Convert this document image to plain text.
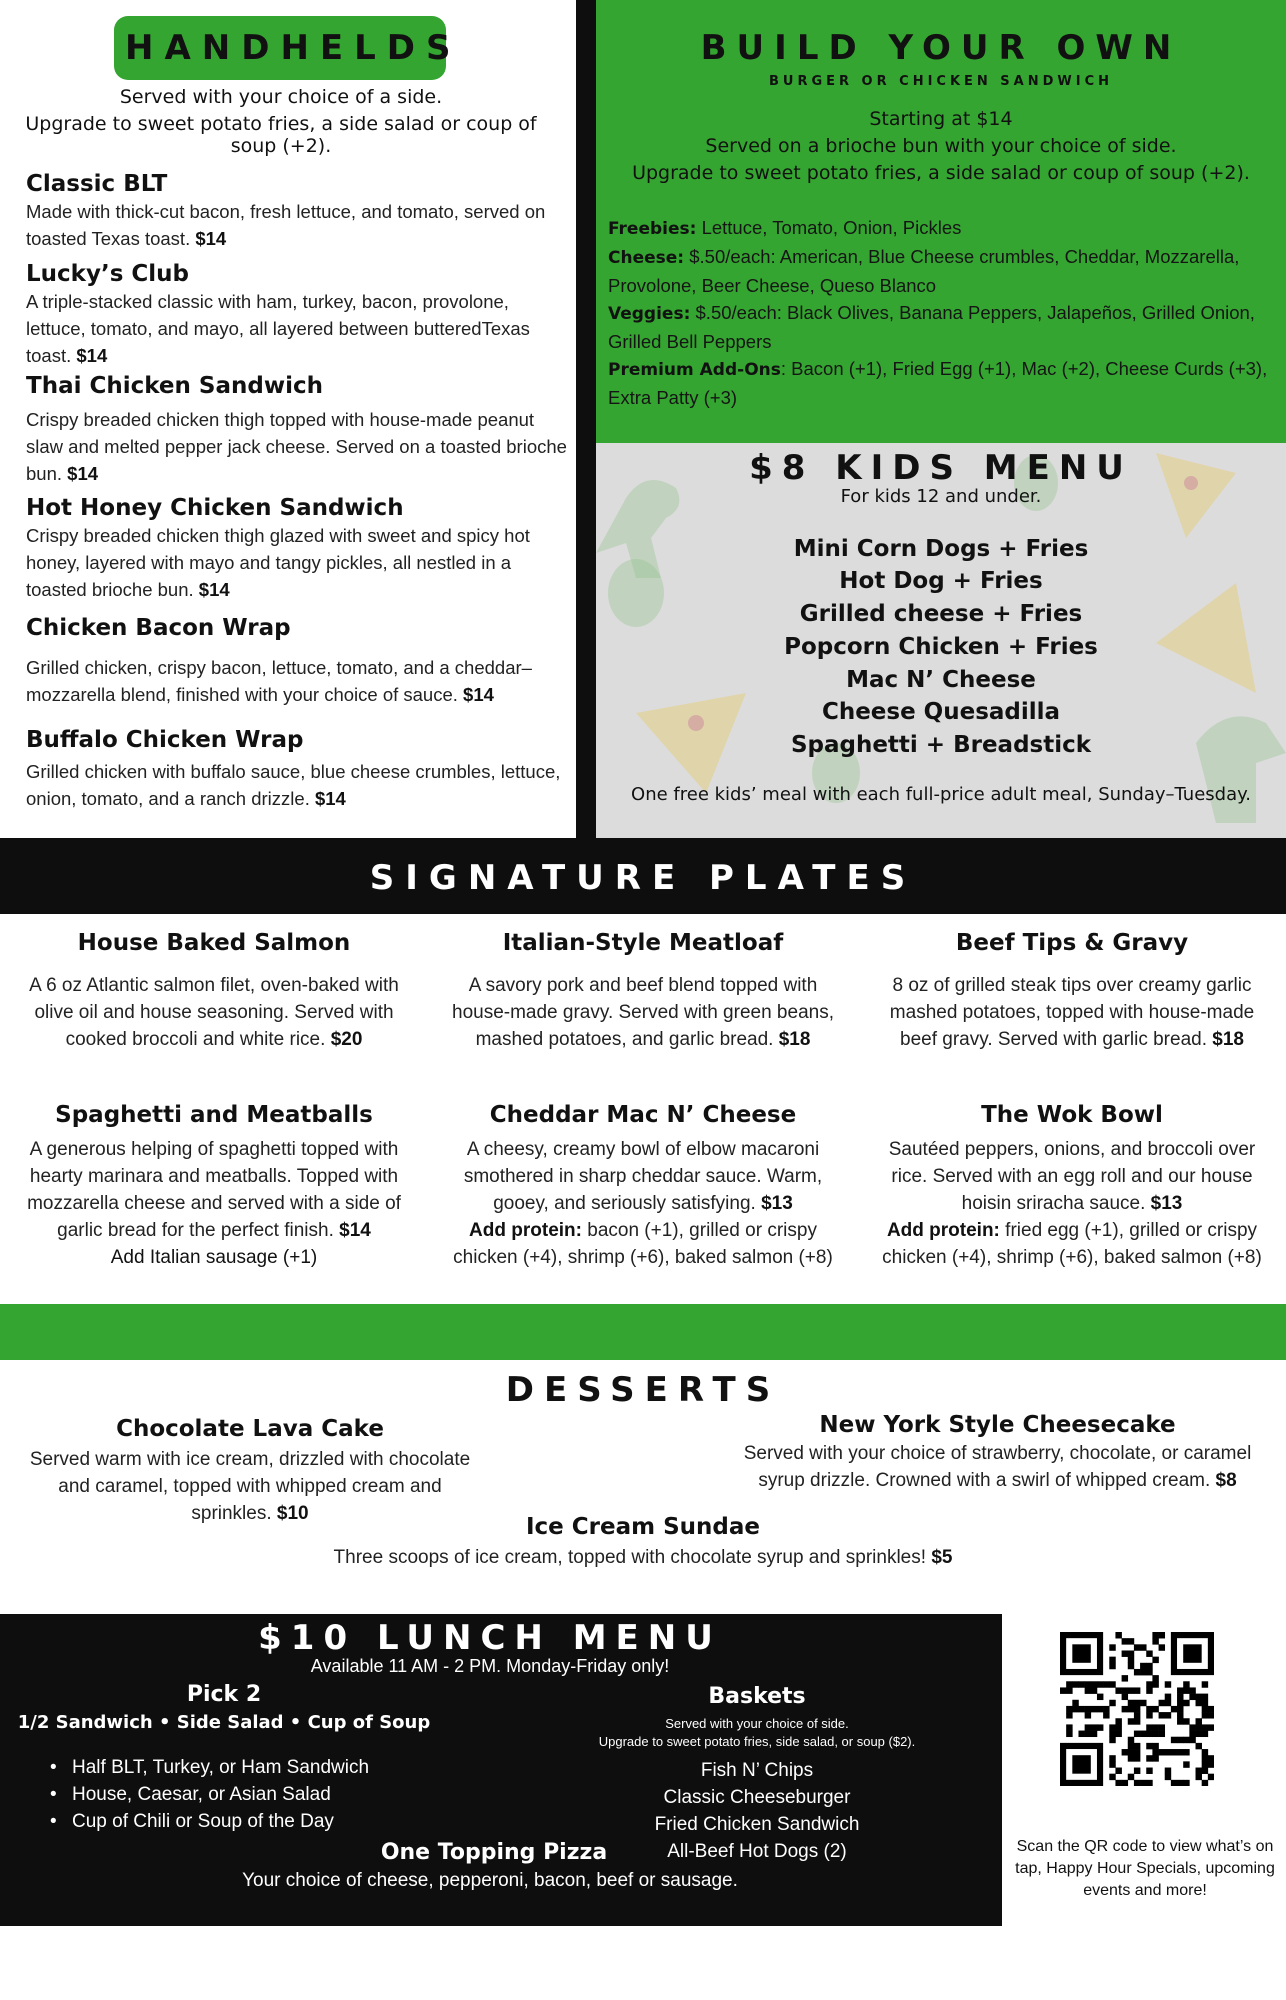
HANDHELDS
Served with your choice of a side.
Upgrade to sweet potato fries, a side salad or coup of soup (+2).
Classic BLT
Made with thick-cut bacon, fresh lettuce, and tomato, served on toasted Texas toast. $14
Lucky’s Club
A triple-stacked classic with ham, turkey, bacon, provolone, lettuce, tomato, and mayo, all layered between butteredTexas toast. $14
Thai Chicken Sandwich
Crispy breaded chicken thigh topped with house-made peanut slaw and melted pepper jack cheese. Served on a toasted brioche bun. $14
Hot Honey Chicken Sandwich
Crispy breaded chicken thigh glazed with sweet and spicy hot honey, layered with mayo and tangy pickles, all nestled in a toasted brioche bun. $14
Chicken Bacon Wrap
Grilled chicken, crispy bacon, lettuce, tomato, and a cheddar–mozzarella blend, finished with your choice of sauce. $14
Buffalo Chicken Wrap
Grilled chicken with buffalo sauce, blue cheese crumbles, lettuce, onion, tomato, and a ranch drizzle. $14
BUILD YOUR OWN
BURGER OR CHICKEN SANDWICH
Starting at $14
Served on a brioche bun with your choice of side.
Upgrade to sweet potato fries, a side salad or coup of soup (+2).
Freebies: Lettuce, Tomato, Onion, Pickles
Cheese: $.50/each: American, Blue Cheese crumbles, Cheddar, Mozzarella, Provolone, Beer Cheese, Queso Blanco
Veggies: $.50/each: Black Olives, Banana Peppers, Jalapeños, Grilled Onion, Grilled Bell Peppers
Premium Add-Ons: Bacon (+1), Fried Egg (+1), Mac (+2), Cheese Curds (+3), Extra Patty (+3)
$8 KIDS MENU
For kids 12 and under.
Mini Corn Dogs + Fries
Hot Dog + Fries
Grilled cheese + Fries
Popcorn Chicken + Fries
Mac N’ Cheese
Cheese Quesadilla
Spaghetti + Breadstick
One free kids’ meal with each full-price adult meal, Sunday–Tuesday.
SIGNATURE PLATES
House Baked Salmon
A 6 oz Atlantic salmon filet, oven-baked with olive oil and house seasoning. Served with cooked broccoli and white rice. $20
Italian-Style Meatloaf
A savory pork and beef blend topped with house-made gravy. Served with green beans, mashed potatoes, and garlic bread. $18
Beef Tips & Gravy
8 oz of grilled steak tips over creamy garlic mashed potatoes, topped with house-made beef gravy. Served with garlic bread. $18
Spaghetti and Meatballs
A generous helping of spaghetti topped with hearty marinara and meatballs. Topped with mozzarella cheese and served with a side of garlic bread for the perfect finish. $14
Add Italian sausage (+1)
Cheddar Mac N’ Cheese
A cheesy, creamy bowl of elbow macaroni smothered in sharp cheddar sauce. Warm, gooey, and seriously satisfying. $13
Add protein: bacon (+1), grilled or crispy chicken (+4), shrimp (+6), baked salmon (+8)
The Wok Bowl
Sautéed peppers, onions, and broccoli over rice. Served with an egg roll and our house hoisin sriracha sauce. $13
Add protein: fried egg (+1), grilled or crispy chicken (+4), shrimp (+6), baked salmon (+8)
DESSERTS
Chocolate Lava Cake
Served warm with ice cream, drizzled with chocolate and caramel, topped with whipped cream and sprinkles. $10
New York Style Cheesecake
Served with your choice of strawberry, chocolate, or caramel syrup drizzle. Crowned with a swirl of whipped cream. $8
Ice Cream Sundae
Three scoops of ice cream, topped with chocolate syrup and sprinkles! $5
$10 LUNCH MENU
Available 11 AM - 2 PM. Monday-Friday only!
Pick 2
1/2 Sandwich • Side Salad • Cup of Soup
• Half BLT, Turkey, or Ham Sandwich
• House, Caesar, or Asian Salad
• Cup of Chili or Soup of the Day
One Topping Pizza
Your choice of cheese, pepperoni, bacon, beef or sausage.
Baskets
Served with your choice of side.
Upgrade to sweet potato fries, side salad, or soup ($2).
Fish N’ Chips
Classic Cheeseburger
Fried Chicken Sandwich
All-Beef Hot Dogs (2)	Scan the QR code to view what’s on tap, Happy Hour Specials, upcoming events and more!
